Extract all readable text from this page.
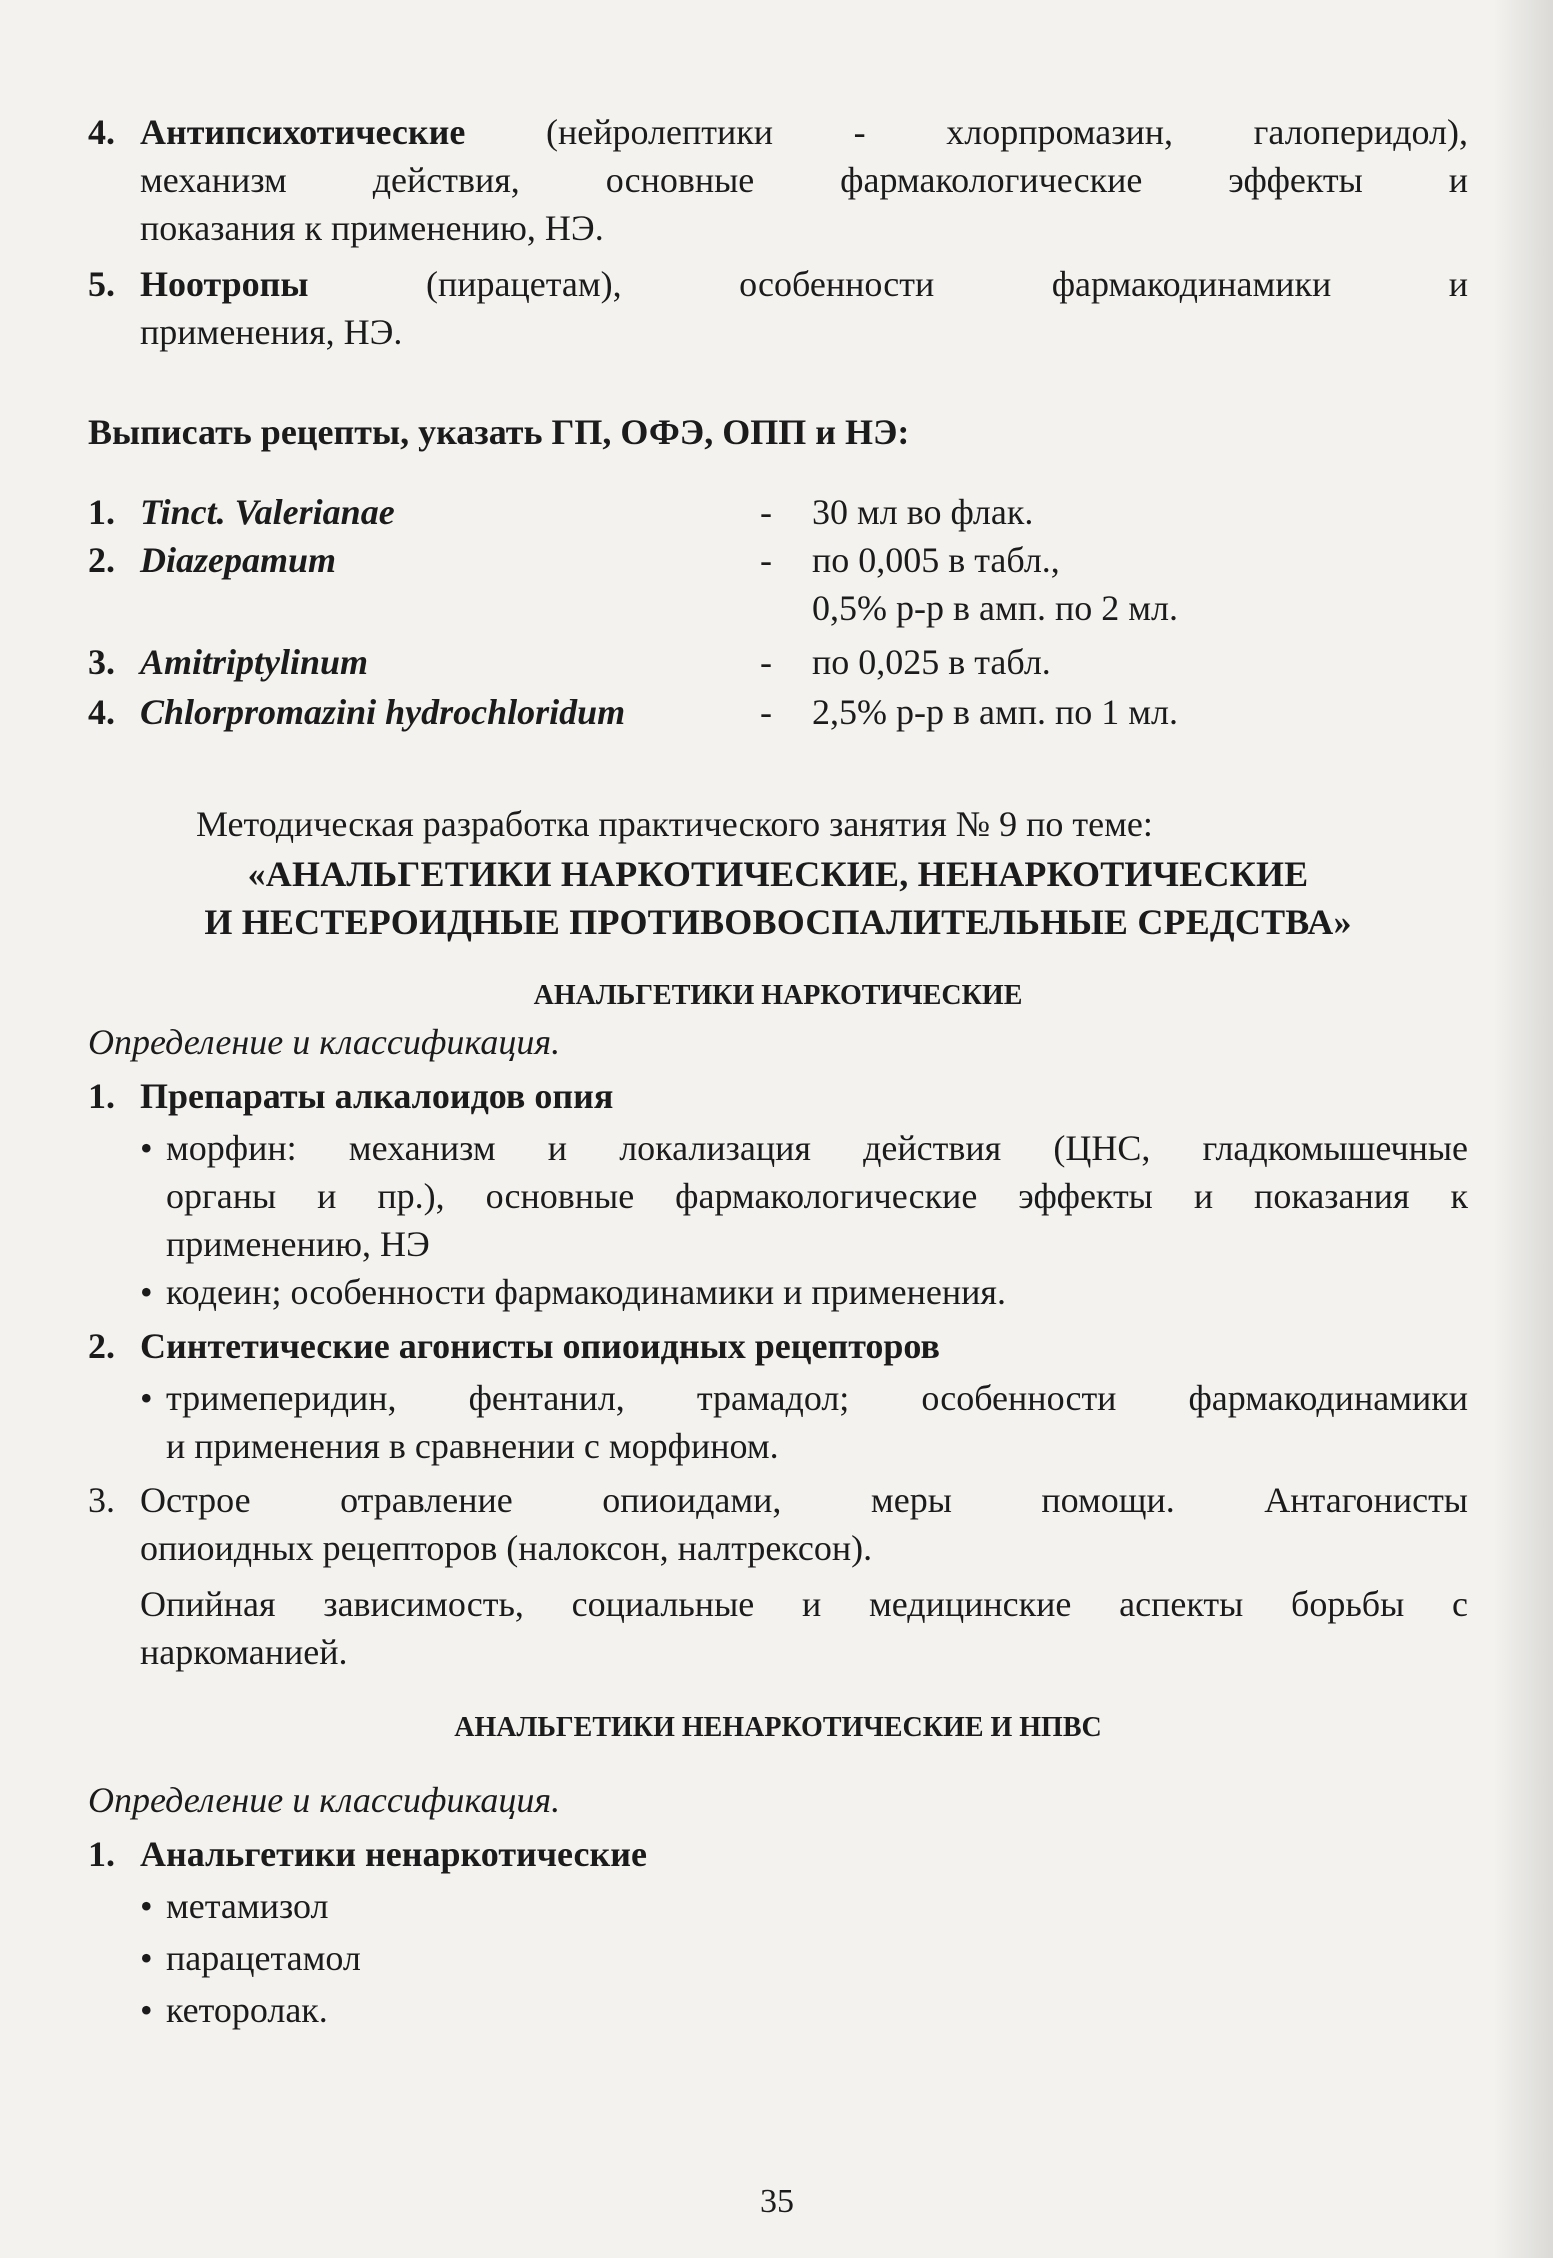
4. Антипсихотические (нейролептики - хлорпромазин, галоперидол),
механизм действия, основные фармакологические эффекты и
показания к применению, НЭ.
5. Ноотропы (пирацетам), особенности фармакодинамики и
применения, НЭ.
Выписать рецепты, указать ГП, ОФЭ, ОПП и НЭ:
1. Tinct. Valerianae	- 30 мл во флак.
2. Diazepamum	- по 0,005 в табл.,
0,5% р-р в амп. по 2 мл.
3. Amitriptylinum	- по 0,025 в табл.
4. Chlorpromazini hydrochloridum	- 2,5% р-р в амп. по 1 мл.
Методическая разработка практического занятия № 9 по теме:
«АНАЛЬГЕТИКИ НАРКОТИЧЕСКИЕ, НЕНАРКОТИЧЕСКИЕ
И НЕСТЕРОИДНЫЕ ПРОТИВОВОСПАЛИТЕЛЬНЫЕ СРЕДСТВА»
АНАЛЬГЕТИКИ НАРКОТИЧЕСКИЕ
Определение и классификация.
1. Препараты алкалоидов опия
• морфин: механизм и локализация действия (ЦНС, гладкомышечные
органы и пр.), основные фармакологические эффекты и показания к
применению, НЭ
• кодеин; особенности фармакодинамики и применения.
2. Синтетические агонисты опиоидных рецепторов
• тримеперидин, фентанил, трамадол; особенности фармакодинамики
и применения в сравнении с морфином.
3. Острое отравление опиоидами, меры помощи. Антагонисты
опиоидных рецепторов (налоксон, налтрексон).
Опийная зависимость, социальные и медицинские аспекты борьбы с
наркоманией.
АНАЛЬГЕТИКИ НЕНАРКОТИЧЕСКИЕ И НПВС
Определение и классификация.
1. Анальгетики ненаркотические
• метамизол
• парацетамол
• кеторолак.
35
